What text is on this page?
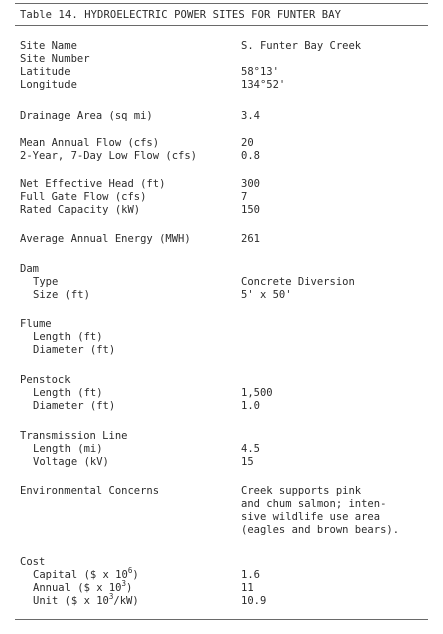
Table 14. HYDROELECTRIC POWER SITES FOR FUNTER BAY
Site Name	S. Funter Bay Creek
Site Number
Latitude	58°13'
Longitude	134°52'
Drainage Area (sq mi)	3.4
Mean Annual Flow (cfs)	20
2-Year, 7-Day Low Flow (cfs)	0.8
Net Effective Head (ft)	300
Full Gate Flow (cfs)	7
Rated Capacity (kW)	150
Average Annual Energy (MWH)	261
Dam
Type	Concrete Diversion
Size (ft)	5' x 50'
Flume
Length (ft)
Diameter (ft)
Penstock
Length (ft)	1,500
Diameter (ft)	1.0
Transmission Line
Length (mi)	4.5
Voltage (kV)	15
Environmental Concerns	Creek supports pink
and chum salmon; inten-
sive wildlife use area
(eagles and brown bears).
Cost
Capital ($ x $10^6$)	1.6
Annual ($ x $10^3$)	11
Unit ($ x $10^3/kW$)	10.9
